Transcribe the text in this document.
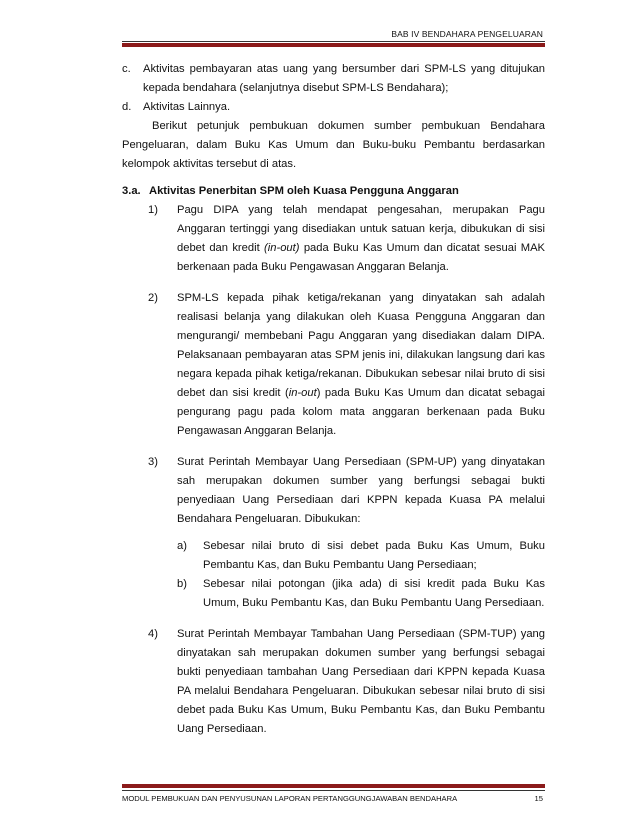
BAB IV BENDAHARA PENGELUARAN
c.	Aktivitas pembayaran atas uang yang bersumber dari SPM-LS yang ditujukan kepada bendahara (selanjutnya disebut SPM-LS Bendahara);
d.	Aktivitas Lainnya.

Berikut petunjuk pembukuan dokumen sumber pembukuan Bendahara Pengeluaran, dalam Buku Kas Umum dan Buku-buku Pembantu berdasarkan kelompok aktivitas tersebut di atas.

3.a. Aktivitas Penerbitan SPM oleh Kuasa Pengguna Anggaran
1)	Pagu DIPA yang telah mendapat pengesahan, merupakan Pagu Anggaran tertinggi yang disediakan untuk satuan kerja, dibukukan di sisi debet dan kredit (in-out) pada Buku Kas Umum dan dicatat sesuai MAK berkenaan pada Buku Pengawasan Anggaran Belanja.
2)	SPM-LS kepada pihak ketiga/rekanan yang dinyatakan sah adalah realisasi belanja yang dilakukan oleh Kuasa Pengguna Anggaran dan mengurangi/ membebani Pagu Anggaran yang disediakan dalam DIPA. Pelaksanaan pembayaran atas SPM jenis ini, dilakukan langsung dari kas negara kepada pihak ketiga/rekanan. Dibukukan sebesar nilai bruto di sisi debet dan sisi kredit (in-out) pada Buku Kas Umum dan dicatat sebagai pengurang pagu pada kolom mata anggaran berkenaan pada Buku Pengawasan Anggaran Belanja.
3)	Surat Perintah Membayar Uang Persediaan (SPM-UP) yang dinyatakan sah merupakan dokumen sumber yang berfungsi sebagai bukti penyediaan Uang Persediaan dari KPPN kepada Kuasa PA melalui Bendahara Pengeluaran. Dibukukan:
a)	Sebesar nilai bruto di sisi debet pada Buku Kas Umum, Buku Pembantu Kas, dan Buku Pembantu Uang Persediaan;
b)	Sebesar nilai potongan (jika ada) di sisi kredit pada Buku Kas Umum, Buku Pembantu Kas, dan Buku Pembantu Uang Persediaan.
4)	Surat Perintah Membayar Tambahan Uang Persediaan (SPM-TUP) yang dinyatakan sah merupakan dokumen sumber yang berfungsi sebagai bukti penyediaan tambahan Uang Persediaan dari KPPN kepada Kuasa PA melalui Bendahara Pengeluaran. Dibukukan sebesar nilai bruto di sisi debet pada Buku Kas Umum, Buku Pembantu Kas, dan Buku Pembantu Uang Persediaan.
MODUL PEMBUKUAN DAN PENYUSUNAN LAPORAN PERTANGGUNGJAWABAN BENDAHARA	15
